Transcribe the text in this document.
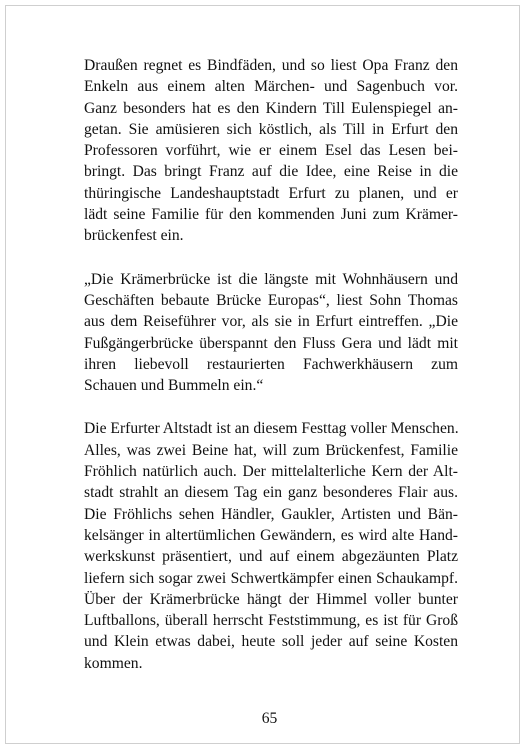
Draußen regnet es Bindfäden, und so liest Opa Franz den
Enkeln aus einem alten Märchen- und Sagenbuch vor.
Ganz besonders hat es den Kindern Till Eulenspiegel an-
getan. Sie amüsieren sich köstlich, als Till in Erfurt den
Professoren vorführt, wie er einem Esel das Lesen bei-
bringt. Das bringt Franz auf die Idee, eine Reise in die
thüringische Landeshauptstadt Erfurt zu planen, und er
lädt seine Familie für den kommenden Juni zum Krämer-
brückenfest ein.
„Die Krämerbrücke ist die längste mit Wohnhäusern und
Geschäften bebaute Brücke Europas“, liest Sohn Thomas
aus dem Reiseführer vor, als sie in Erfurt eintreffen. „Die
Fußgängerbrücke überspannt den Fluss Gera und lädt mit
ihren liebevoll restaurierten Fachwerkhäusern zum
Schauen und Bummeln ein.“
Die Erfurter Altstadt ist an diesem Festtag voller Menschen.
Alles, was zwei Beine hat, will zum Brückenfest, Familie
Fröhlich natürlich auch. Der mittelalterliche Kern der Alt-
stadt strahlt an diesem Tag ein ganz besonderes Flair aus.
Die Fröhlichs sehen Händler, Gaukler, Artisten und Bän-
kelsänger in altertümlichen Gewändern, es wird alte Hand-
werkskunst präsentiert, und auf einem abgezäunten Platz
liefern sich sogar zwei Schwertkämpfer einen Schaukampf.
Über der Krämerbrücke hängt der Himmel voller bunter
Luftballons, überall herrscht Feststimmung, es ist für Groß
und Klein etwas dabei, heute soll jeder auf seine Kosten
kommen.
65
